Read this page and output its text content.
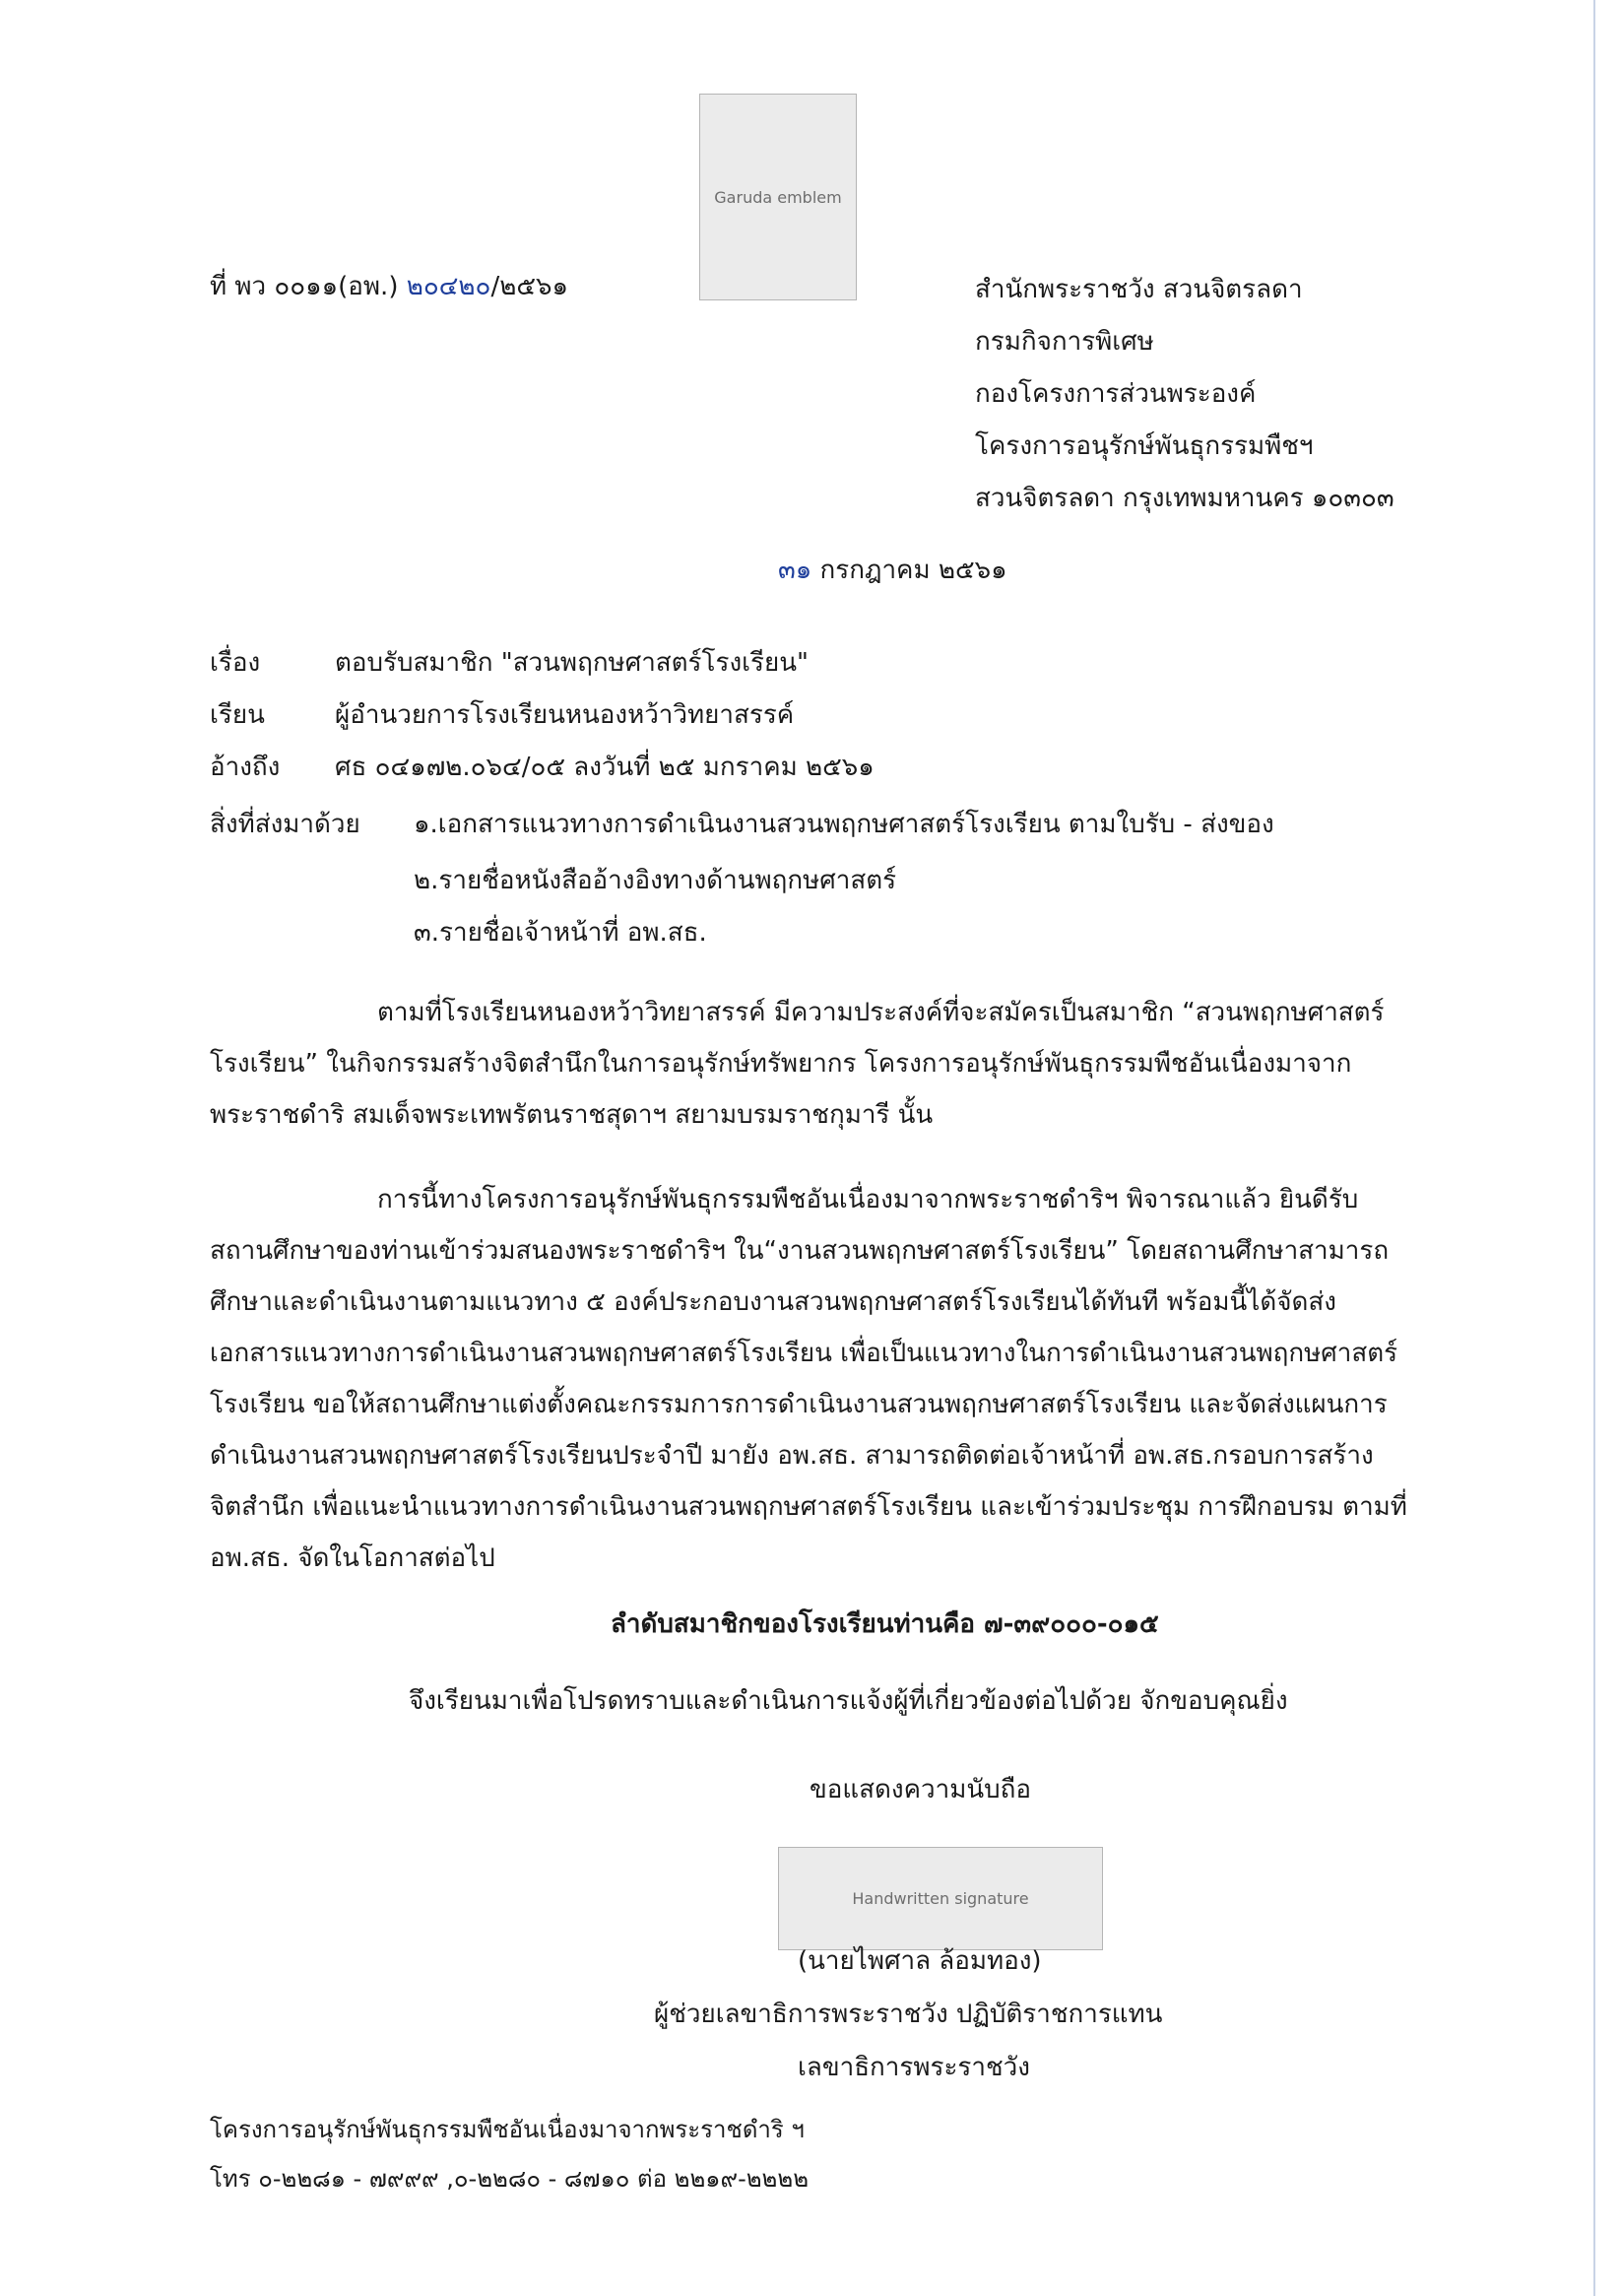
Garuda emblem
ที่ พว ๐๐๑๑(อพ.) ๒๐๔๒๐/๒๕๖๑	สำนักพระราชวัง สวนจิตรลดา
กรมกิจการพิเศษ
กองโครงการส่วนพระองค์
โครงการอนุรักษ์พันธุกรรมพืชฯ
สวนจิตรลดา กรุงเทพมหานคร ๑๐๓๐๓
๓๑ กรกฎาคม ๒๕๖๑
เรื่อง	ตอบรับสมาชิก "สวนพฤกษศาสตร์โรงเรียน"
เรียน	ผู้อำนวยการโรงเรียนหนองหว้าวิทยาสรรค์
อ้างถึง ศธ ๐๔๑๗๒.๐๖๔/๐๕ ลงวันที่ ๒๕ มกราคม ๒๕๖๑
สิ่งที่ส่งมาด้วย ๑.เอกสารแนวทางการดำเนินงานสวนพฤกษศาสตร์โรงเรียน ตามใบรับ - ส่งของ
๒.รายชื่อหนังสืออ้างอิงทางด้านพฤกษศาสตร์
๓.รายชื่อเจ้าหน้าที่ อพ.สธ.
ตามที่โรงเรียนหนองหว้าวิทยาสรรค์ มีความประสงค์ที่จะสมัครเป็นสมาชิก “สวนพฤกษศาสตร์
โรงเรียน” ในกิจกรรมสร้างจิตสำนึกในการอนุรักษ์ทรัพยากร โครงการอนุรักษ์พันธุกรรมพืชอันเนื่องมาจาก
พระราชดำริ สมเด็จพระเทพรัตนราชสุดาฯ สยามบรมราชกุมารี นั้น
การนี้ทางโครงการอนุรักษ์พันธุกรรมพืชอันเนื่องมาจากพระราชดำริฯ พิจารณาแล้ว ยินดีรับ
สถานศึกษาของท่านเข้าร่วมสนองพระราชดำริฯ ใน“งานสวนพฤกษศาสตร์โรงเรียน” โดยสถานศึกษาสามารถ
ศึกษาและดำเนินงานตามแนวทาง ๕ องค์ประกอบงานสวนพฤกษศาสตร์โรงเรียนได้ทันที พร้อมนี้ได้จัดส่ง
เอกสารแนวทางการดำเนินงานสวนพฤกษศาสตร์โรงเรียน เพื่อเป็นแนวทางในการดำเนินงานสวนพฤกษศาสตร์
โรงเรียน ขอให้สถานศึกษาแต่งตั้งคณะกรรมการการดำเนินงานสวนพฤกษศาสตร์โรงเรียน และจัดส่งแผนการ
ดำเนินงานสวนพฤกษศาสตร์โรงเรียนประจำปี มายัง อพ.สธ. สามารถติดต่อเจ้าหน้าที่ อพ.สธ.กรอบการสร้าง
จิตสำนึก เพื่อแนะนำแนวทางการดำเนินงานสวนพฤกษศาสตร์โรงเรียน และเข้าร่วมประชุม การฝึกอบรม ตามที่
อพ.สธ. จัดในโอกาสต่อไป
ลำดับสมาชิกของโรงเรียนท่านคือ ๗-๓๙๐๐๐-๐๑๕
จึงเรียนมาเพื่อโปรดทราบและดำเนินการแจ้งผู้ที่เกี่ยวข้องต่อไปด้วย จักขอบคุณยิ่ง
ขอแสดงความนับถือ
Handwritten signature
(นายไพศาล ล้อมทอง)
ผู้ช่วยเลขาธิการพระราชวัง ปฏิบัติราชการแทน
เลขาธิการพระราชวัง
โครงการอนุรักษ์พันธุกรรมพืชอันเนื่องมาจากพระราชดำริ ฯ
โทร ๐-๒๒๘๑ - ๗๙๙๙ ,๐-๒๒๘๐ - ๘๗๑๐ ต่อ ๒๒๑๙-๒๒๒๒
